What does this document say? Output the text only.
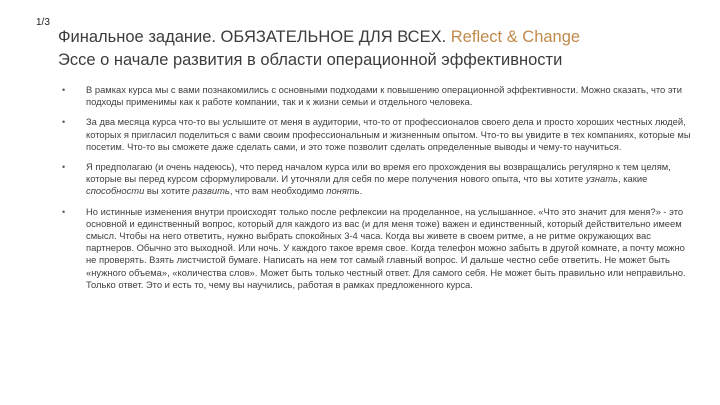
1/3
Финальное задание. ОБЯЗАТЕЛЬНОЕ ДЛЯ ВСЕХ. Reflect & Change
Эссе о начале развития в области операционной эффективности
• В рамках курса мы с вами познакомились с основными подходами к повышению операционной эффективности. Можно сказать, что эти подходы применимы как к работе компании, так и к жизни семьи и отдельного человека.
• За два месяца курса что-то вы услышите от меня в аудитории, что-то от профессионалов своего дела и просто хороших честных людей, которых я пригласил поделиться с вами своим профессиональным и жизненным опытом. Что-то вы увидите в тех компаниях, которые мы посетим. Что-то вы сможете даже сделать сами, и это тоже позволит сделать определенные выводы и чему-то научиться.
• Я предполагаю (и очень надеюсь), что перед началом курса или во время его прохождения вы возвращались регулярно к тем целям, которые вы перед курсом сформулировали. И уточняли для себя по мере получения нового опыта, что вы хотите узнать, какие способности вы хотите развить, что вам необходимо понять.
• Но истинные изменения внутри происходят только после рефлексии на проделанное, на услышанное. «Что это значит для меня?» - это основной и единственный вопрос, который для каждого из вас (и для меня тоже) важен и единственный, который действительно имеем смысл. Чтобы на него ответить, нужно выбрать спокойных 3-4 часа. Когда вы живете в своем ритме, а не ритме окружающих вас партнеров. Обычно это выходной. Или ночь. У каждого такое время свое. Когда телефон можно забыть в другой комнате, а почту можно не проверять. Взять листчистой бумаге. Написать на нем тот самый главный вопрос. И дальше честно себе ответить. Не может быть «нужного объема», «количества слов». Может быть только честный ответ. Для самого себя. Не может быть правильно или неправильно. Только ответ. Это и есть то, чему вы научились, работая в рамках предложенного курса.
